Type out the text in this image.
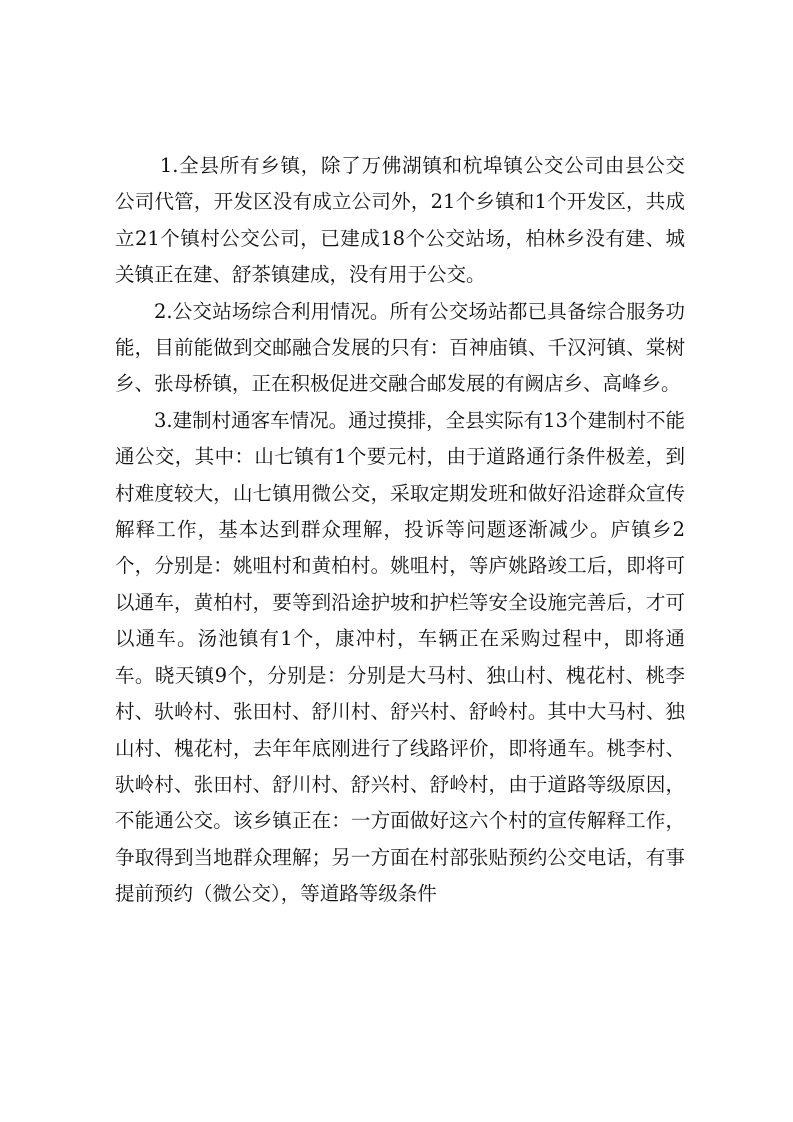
1.全县所有乡镇，除了万佛湖镇和杭埠镇公交公司由县公交公司代管，开发区没有成立公司外，21个乡镇和1个开发区，共成立21个镇村公交公司，已建成18个公交站场，柏林乡没有建、城关镇正在建、舒茶镇建成，没有用于公交。

2.公交站场综合利用情况。所有公交场站都已具备综合服务功能，目前能做到交邮融合发展的只有：百神庙镇、千汉河镇、棠树乡、张母桥镇，正在积极促进交融合邮发展的有阙店乡、高峰乡。

3.建制村通客车情况。通过摸排，全县实际有13个建制村不能通公交，其中：山七镇有1个要元村，由于道路通行条件极差，到村难度较大，山七镇用微公交，采取定期发班和做好沿途群众宣传解释工作，基本达到群众理解，投诉等问题逐渐减少。庐镇乡2个，分别是：姚咀村和黄柏村。姚咀村，等庐姚路竣工后，即将可以通车，黄柏村，要等到沿途护坡和护栏等安全设施完善后，才可以通车。汤池镇有1个，康冲村，车辆正在采购过程中，即将通车。晓天镇9个，分别是：分别是大马村、独山村、槐花村、桃李村、驮岭村、张田村、舒川村、舒兴村、舒岭村。其中大马村、独山村、槐花村，去年年底刚进行了线路评价，即将通车。桃李村、驮岭村、张田村、舒川村、舒兴村、舒岭村，由于道路等级原因，不能通公交。该乡镇正在：一方面做好这六个村的宣传解释工作，争取得到当地群众理解；另一方面在村部张贴预约公交电话，有事提前预约（微公交），等道路等级条件
